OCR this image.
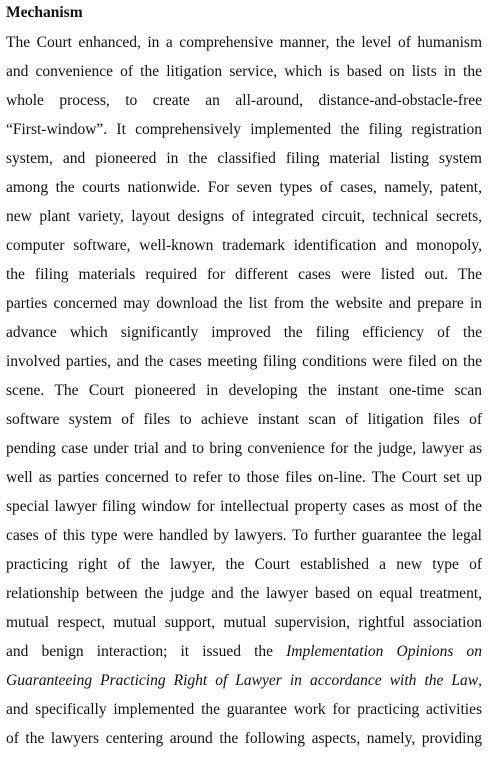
Mechanism
The Court enhanced, in a comprehensive manner, the level of humanism
and convenience of the litigation service, which is based on lists in the
whole process, to create an all-around, distance-and-obstacle-free
“First-window”. It comprehensively implemented the filing registration
system, and pioneered in the classified filing material listing system
among the courts nationwide. For seven types of cases, namely, patent,
new plant variety, layout designs of integrated circuit, technical secrets,
computer software, well-known trademark identification and monopoly,
the filing materials required for different cases were listed out. The
parties concerned may download the list from the website and prepare in
advance which significantly improved the filing efficiency of the
involved parties, and the cases meeting filing conditions were filed on the
scene. The Court pioneered in developing the instant one-time scan
software system of files to achieve instant scan of litigation files of
pending case under trial and to bring convenience for the judge, lawyer as
well as parties concerned to refer to those files on-line. The Court set up
special lawyer filing window for intellectual property cases as most of the
cases of this type were handled by lawyers. To further guarantee the legal
practicing right of the lawyer, the Court established a new type of
relationship between the judge and the lawyer based on equal treatment,
mutual respect, mutual support, mutual supervision, rightful association
and benign interaction; it issued the Implementation Opinions on
Guaranteeing Practicing Right of Lawyer in accordance with the Law,
and specifically implemented the guarantee work for practicing activities
of the lawyers centering around the following aspects, namely, providing
